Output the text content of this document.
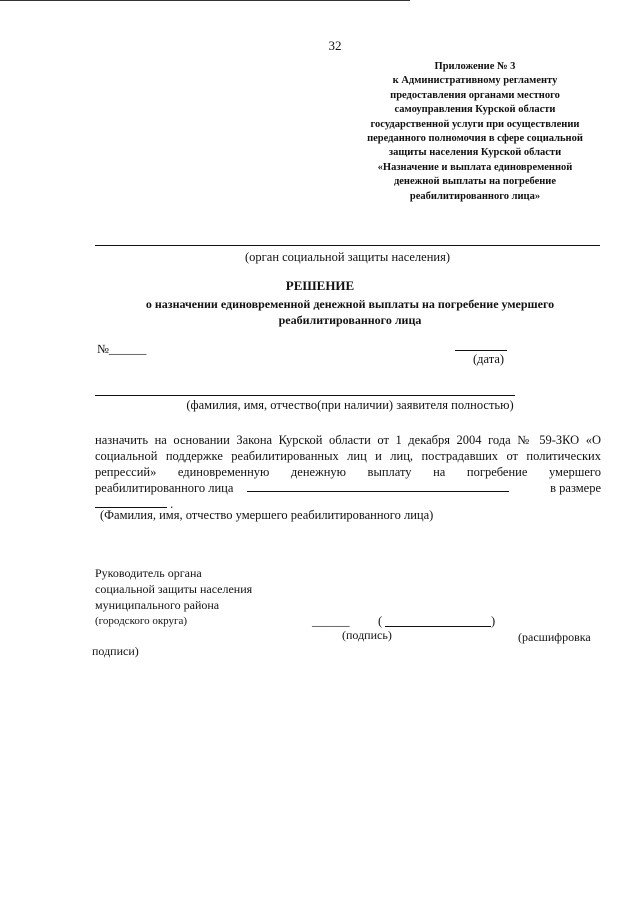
32
Приложение № 3
к Административному регламенту
предоставления органами местного
самоуправления Курской области
государственной услуги при осуществлении
переданного полномочия в сфере социальной
защиты населения Курской области
«Назначение и выплата единовременной
денежной выплаты на погребение
реабилитированного лица»
(орган социальной защиты населения)
РЕШЕНИЕ
о назначении единовременной денежной выплаты на погребение умершего
реабилитированного лица
№______
(дата)
(фамилия, имя, отчество(при наличии) заявителя полностью)
назначить на основании Закона Курской области от 1 декабря 2004 года № 59-ЗКО «О
социальной поддержке реабилитированных лиц и лиц, пострадавших от политических
репрессий» единовременную денежную выплату на погребение умершего
реабилитированного лица	в размере
.
(Фамилия, имя, отчество умершего реабилитированного лица)
Руководитель органа
социальной защиты населения
муниципального района
(городского округа)	______ (	)
(подпись)	(расшифровка
подписи)
